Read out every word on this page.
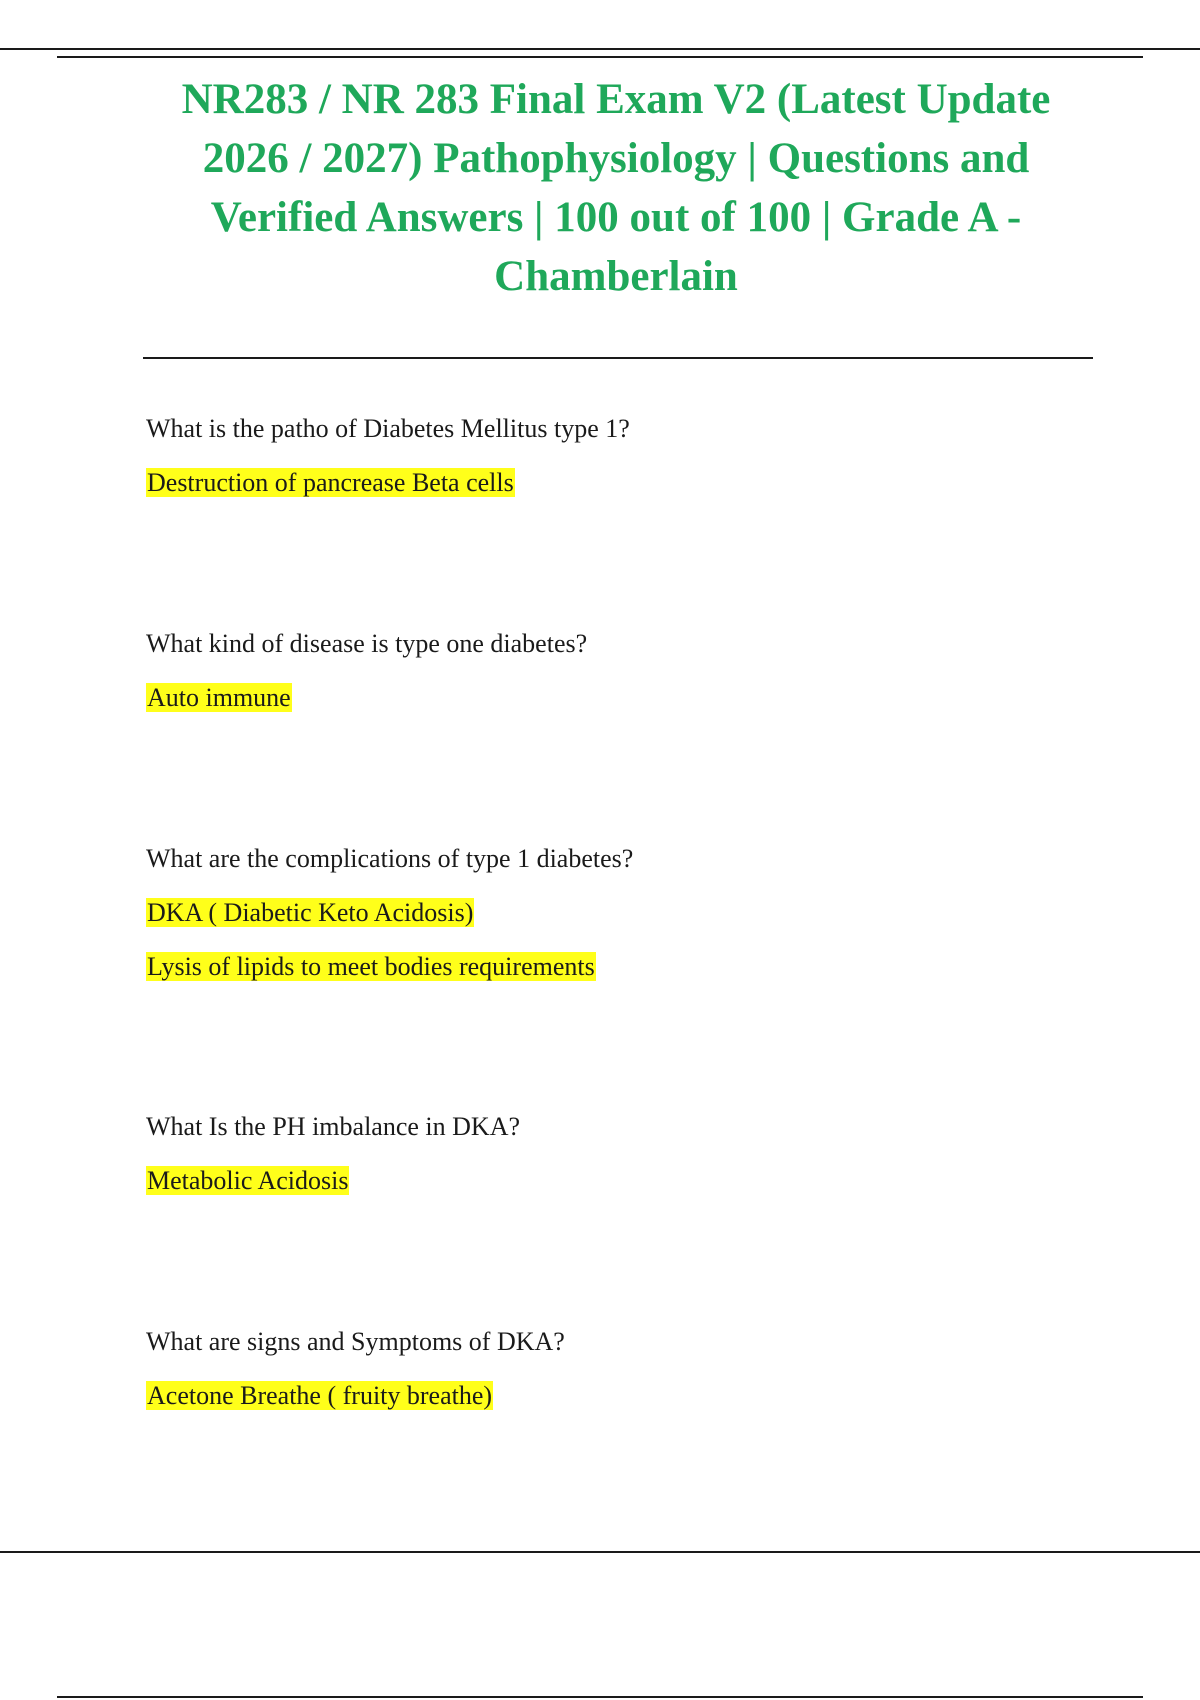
NR283 / NR 283 Final Exam V2 (Latest Update 2026 / 2027) Pathophysiology | Questions and Verified Answers | 100 out of 100 | Grade A - Chamberlain

What is the patho of Diabetes Mellitus type 1?

Destruction of pancrease Beta cells

What kind of disease is type one diabetes?

Auto immune

What are the complications of type 1 diabetes?

DKA ( Diabetic Keto Acidosis)
Lysis of lipids to meet bodies requirements

What Is the PH imbalance in DKA?

Metabolic Acidosis

What are signs and Symptoms of DKA?

Acetone Breathe ( fruity breathe)
